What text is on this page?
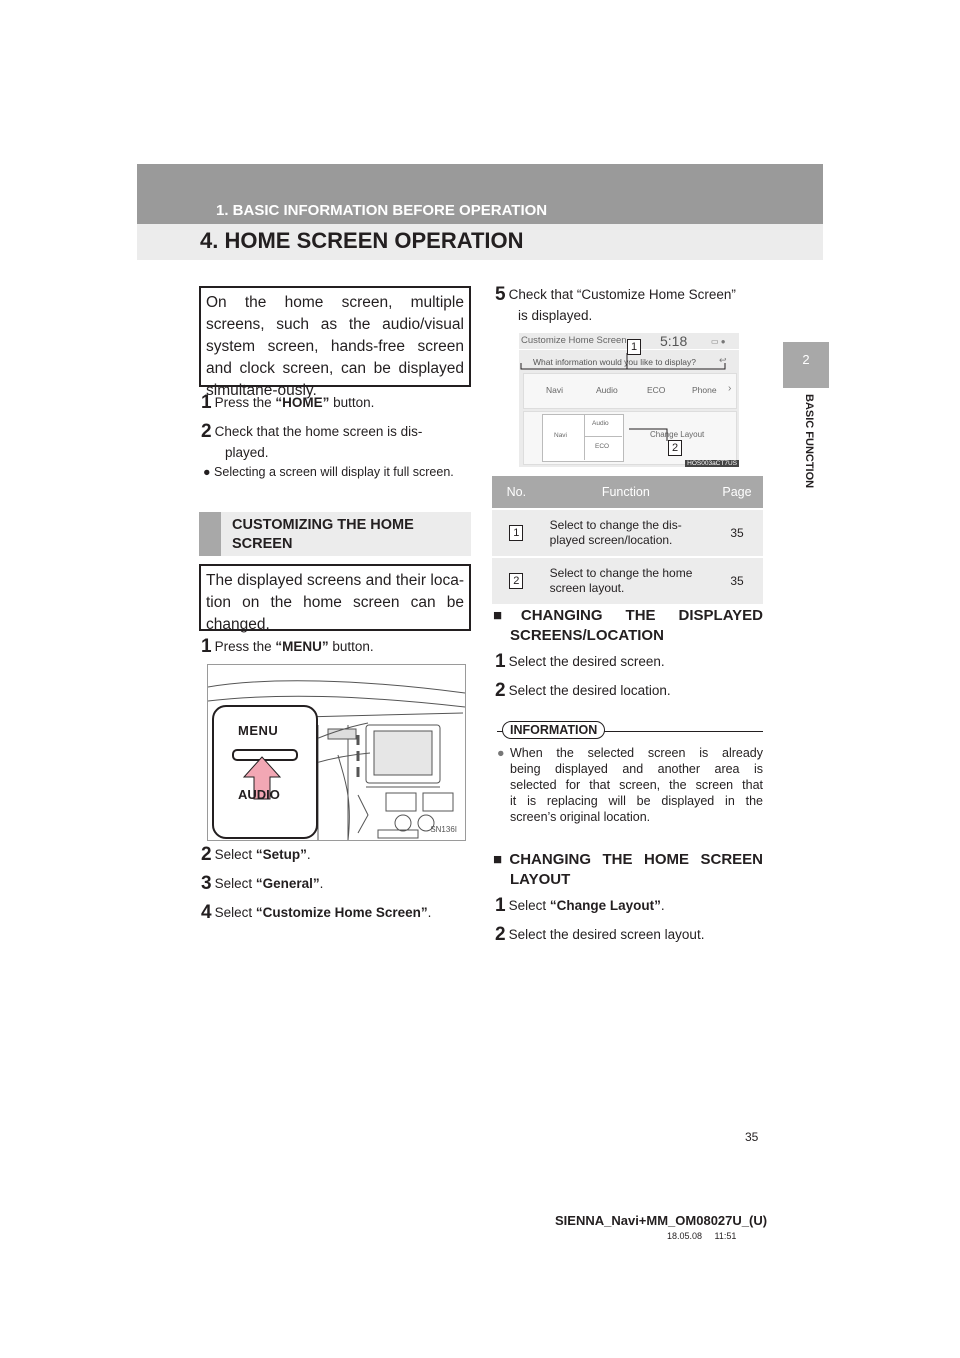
1. BASIC INFORMATION BEFORE OPERATION
4. HOME SCREEN OPERATION
2
BASIC FUNCTION
On the home screen, multiple screens, such as the audio/visual system screen, hands-free screen and clock screen, can be displayed simultane-ously.
1 Press the “HOME” button.
2 Check that the home screen is dis-
played.
● Selecting a screen will display it full screen.
CUSTOMIZING THE HOME SCREEN
The displayed screens and their loca-tion on the home screen can be changed.
1 Press the “MENU” button.
MENU
AUDIO
SN136I
2 Select “Setup”.
3 Select “General”.
4 Select “Customize Home Screen”.
5 Check that “Customize Home Screen”
is displayed.
Customize Home Screen 5:18	▭ ●
↩
What information would you like to display?
Navi	Audio	ECO	Phone ›
Navi
Audio
ECO
Change Layout
HOS003aCT7US
1
2
No.	Function	Page
1	Select to change the dis-
played screen/location.	35
2	Select to change the home
screen layout.	35
■CHANGING THE DISPLAYED
SCREENS/LOCATION
1 Select the desired screen.
2 Select the desired location.
INFORMATION
● When the selected screen is already
being displayed and another area is
selected for that screen, the screen that
it is replacing will be displayed in the
screen’s original location.
■CHANGING THE HOME SCREEN
LAYOUT
1 Select “Change Layout”.
2 Select the desired screen layout.
35
SIENNA_Navi+MM_OM08027U_(U)
18.05.08     11:51
